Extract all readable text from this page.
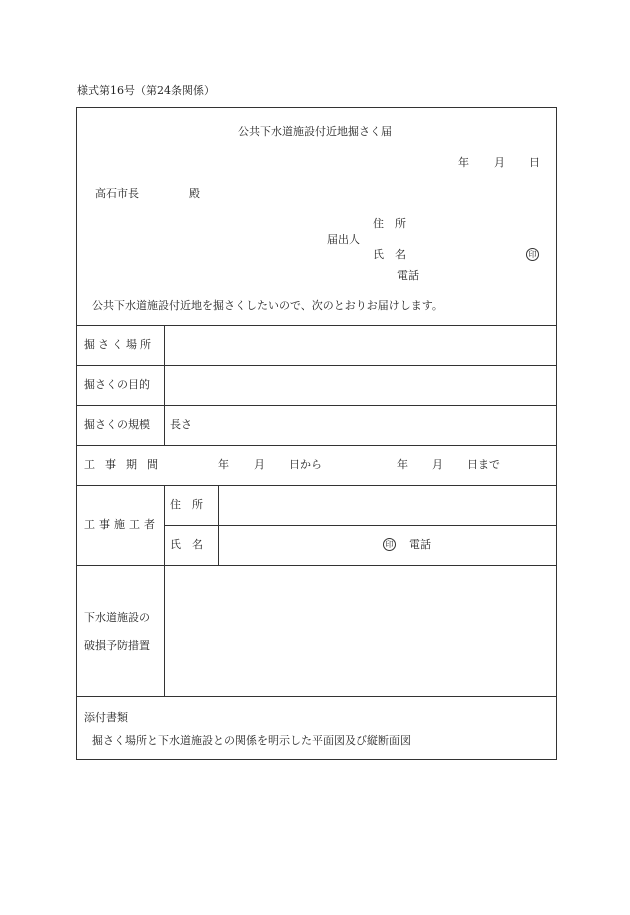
様式第16号（第24条関係）
公共下水道施設付近地掘さく届
年 月 日
高石市長	殿
住　所
届出人
氏　名	印
電話
公共下水道施設付近地を掘さくしたいので、次のとおりお届けします。
掘さく場所
掘さくの目的
掘さくの規模 長さ
工事期間	年 月 日から	年 月 日まで
工事施工者
住　所
氏　名	印 電話
下水道施設の
破損予防措置
添付書類
掘さく場所と下水道施設との関係を明示した平面図及び縦断面図
